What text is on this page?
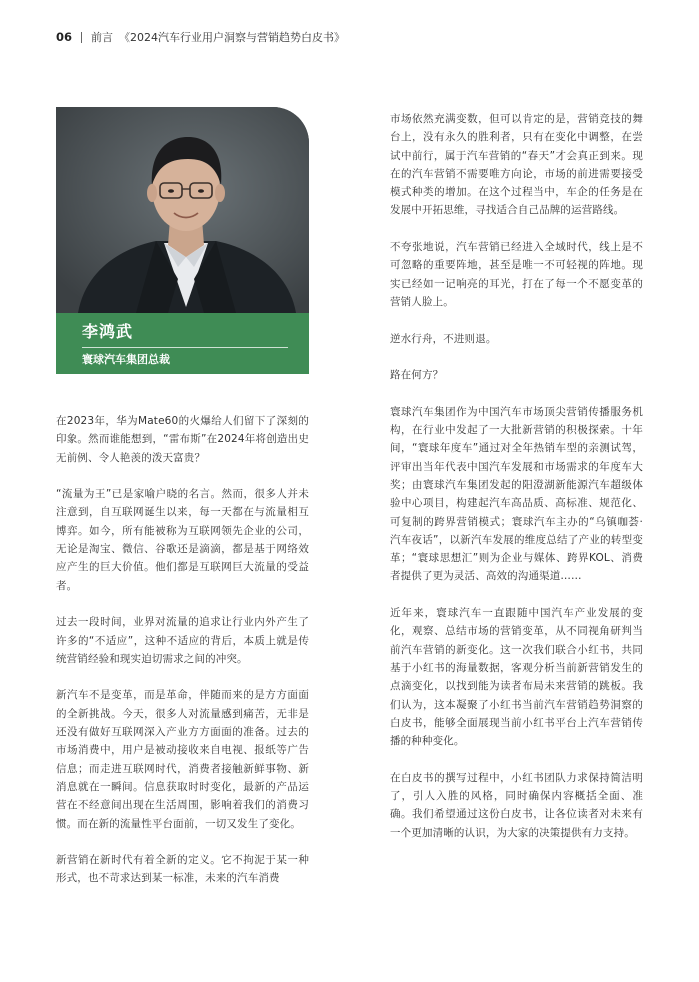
06 前言 《2024汽车行业用户洞察与营销趋势白皮书》
李鸿武
寰球汽车集团总裁

在2023年，华为Mate60的火爆给人们留下了深刻的印象。然而谁能想到，“雷布斯”在2024年将创造出史无前例、令人艳羡的泼天富贵？

“流量为王”已是家喻户晓的名言。然而，很多人并未注意到，自互联网诞生以来，每一天都在与流量相互博弈。如今，所有能被称为互联网领先企业的公司，无论是淘宝、微信、谷歌还是滴滴，都是基于网络效应产生的巨大价值。他们都是互联网巨大流量的受益者。

过去一段时间，业界对流量的追求让行业内外产生了许多的“不适应”，这种不适应的背后，本质上就是传统营销经验和现实迫切需求之间的冲突。

新汽车不是变革，而是革命，伴随而来的是方方面面的全新挑战。今天，很多人对流量感到痛苦，无非是还没有做好互联网深入产业方方面面的准备。过去的市场消费中，用户是被动接收来自电视、报纸等广告信息；而走进互联网时代，消费者接触新鲜事物、新消息就在一瞬间。信息获取时时变化，最新的产品运营在不经意间出现在生活周围，影响着我们的消费习惯。而在新的流量性平台面前，一切又发生了变化。

新营销在新时代有着全新的定义。它不拘泥于某一种形式，也不苛求达到某一标准，未来的汽车消费

市场依然充满变数，但可以肯定的是，营销竞技的舞台上，没有永久的胜利者，只有在变化中调整，在尝试中前行，属于汽车营销的“春天”才会真正到来。现在的汽车营销不需要唯方向论，市场的前进需要接受模式种类的增加。在这个过程当中，车企的任务是在发展中开拓思维，寻找适合自己品牌的运营路线。

不夸张地说，汽车营销已经进入全域时代，线上是不可忽略的重要阵地，甚至是唯一不可轻视的阵地。现实已经如一记响亮的耳光，打在了每一个不愿变革的营销人脸上。

逆水行舟，不进则退。

路在何方？

寰球汽车集团作为中国汽车市场顶尖营销传播服务机构，在行业中发起了一大批新营销的积极探索。十年间，“寰球年度车”通过对全年热销车型的亲测试驾，评审出当年代表中国汽车发展和市场需求的年度车大奖；由寰球汽车集团发起的阳澄湖新能源汽车超级体验中心项目，构建起汽车高品质、高标准、规范化、可复制的跨界营销模式；寰球汽车主办的“乌镇咖荟·汽车夜话”，以新汽车发展的维度总结了产业的转型变革；“寰球思想汇”则为企业与媒体、跨界KOL、消费者提供了更为灵活、高效的沟通渠道……

近年来，寰球汽车一直跟随中国汽车产业发展的变化，观察、总结市场的营销变革，从不同视角研判当前汽车营销的新变化。这一次我们联合小红书，共同基于小红书的海量数据，客观分析当前新营销发生的点滴变化，以找到能为读者布局未来营销的跳板。我们认为，这本凝聚了小红书当前汽车营销趋势洞察的白皮书，能够全面展现当前小红书平台上汽车营销传播的种种变化。

在白皮书的撰写过程中，小红书团队力求保持简洁明了，引人入胜的风格，同时确保内容概括全面、准确。我们希望通过这份白皮书，让各位读者对未来有一个更加清晰的认识，为大家的决策提供有力支持。
